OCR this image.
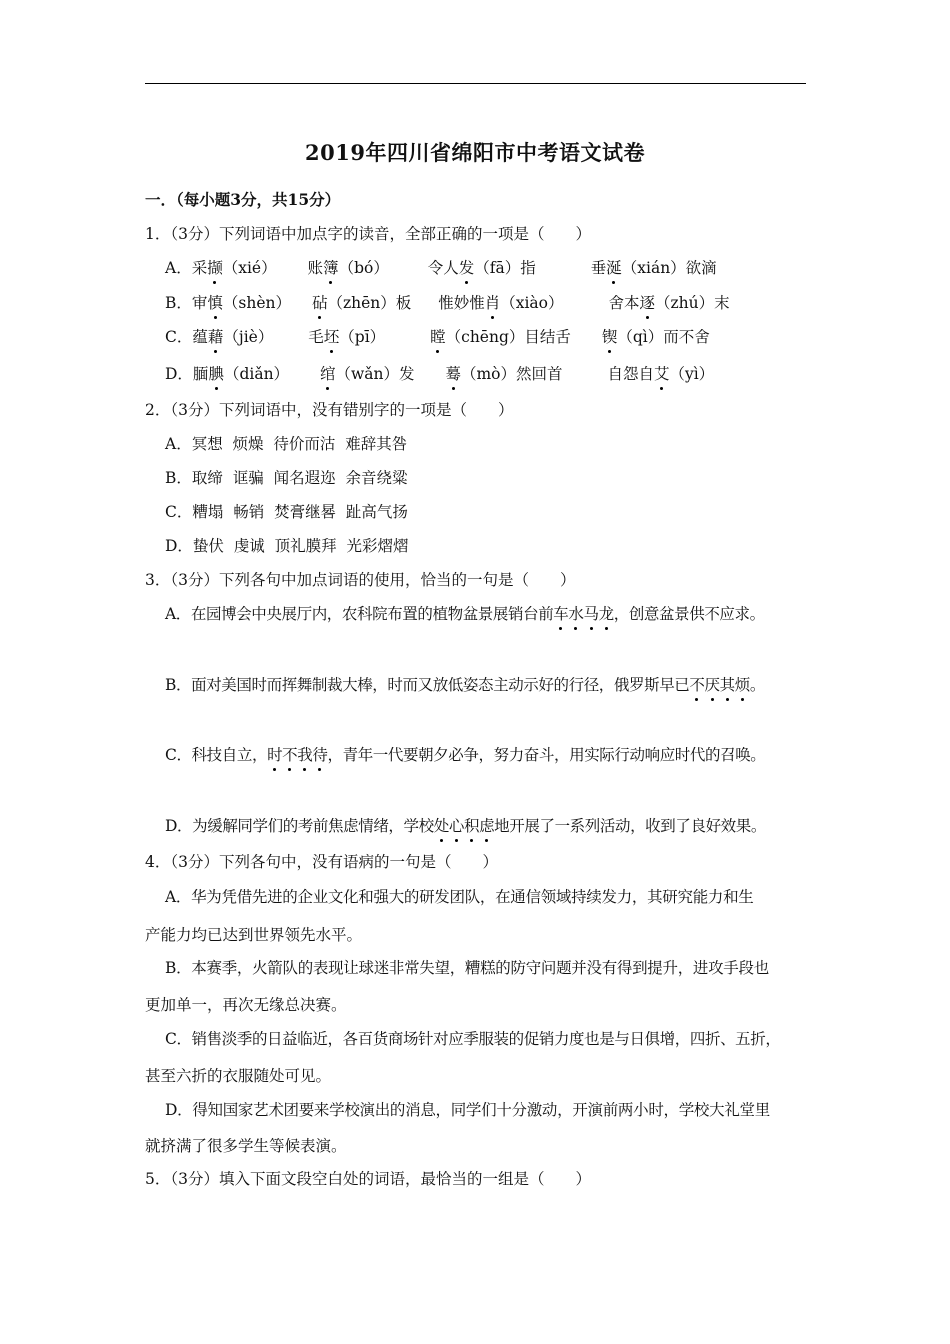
2019年四川省绵阳市中考语文试卷
一．（每小题3分，共15分）
1．（3分）下列词语中加点字的读音，全部正确的一项是（　　）
A．采撷（xié） 账簿（bó）	令人发（fā）指	垂涎（xián）欲滴
B．审慎（shèn） 砧（zhēn）板 惟妙惟肖（xiào）	舍本逐（zhú）末
C．蕴藉（jiè） 毛坯（pī）	瞠（chēng）目结舌 锲（qì）而不舍
D．腼腆（diǎn） 绾（wǎn）发 蓦（mò）然回首	自怨自艾（yì）
2．（3分）下列词语中，没有错别字的一项是（　　）
A．冥想  烦燥  待价而沽  难辞其咎
B．取缔  诓骗  闻名遐迩  余音绕粱
C．糟塌  畅销  焚膏继晷  趾高气扬
D．蛰伏  虔诚  顶礼膜拜  光彩熠熠
3．（3分）下列各句中加点词语的使用，恰当的一句是（　　）
A．在园博会中央展厅内，农科院布置的植物盆景展销台前车水马龙，创意盆景供不应求。
B．面对美国时而挥舞制裁大棒，时而又放低姿态主动示好的行径，俄罗斯早已不厌其烦。
C．科技自立，时不我待，青年一代要朝夕必争，努力奋斗，用实际行动响应时代的召唤。
D．为缓解同学们的考前焦虑情绪，学校处心积虑地开展了一系列活动，收到了良好效果。
4．（3分）下列各句中，没有语病的一句是（　　）
A．华为凭借先进的企业文化和强大的研发团队，在通信领域持续发力，其研究能力和生
产能力均已达到世界领先水平。
B．本赛季，火箭队的表现让球迷非常失望，糟糕的防守问题并没有得到提升，进攻手段也
更加单一，再次无缘总决赛。
C．销售淡季的日益临近，各百货商场针对应季服装的促销力度也是与日俱增，四折、五折，
甚至六折的衣服随处可见。
D．得知国家艺术团要来学校演出的消息，同学们十分激动，开演前两小时，学校大礼堂里
就挤满了很多学生等候表演。
5．（3分）填入下面文段空白处的词语，最恰当的一组是（　　）
